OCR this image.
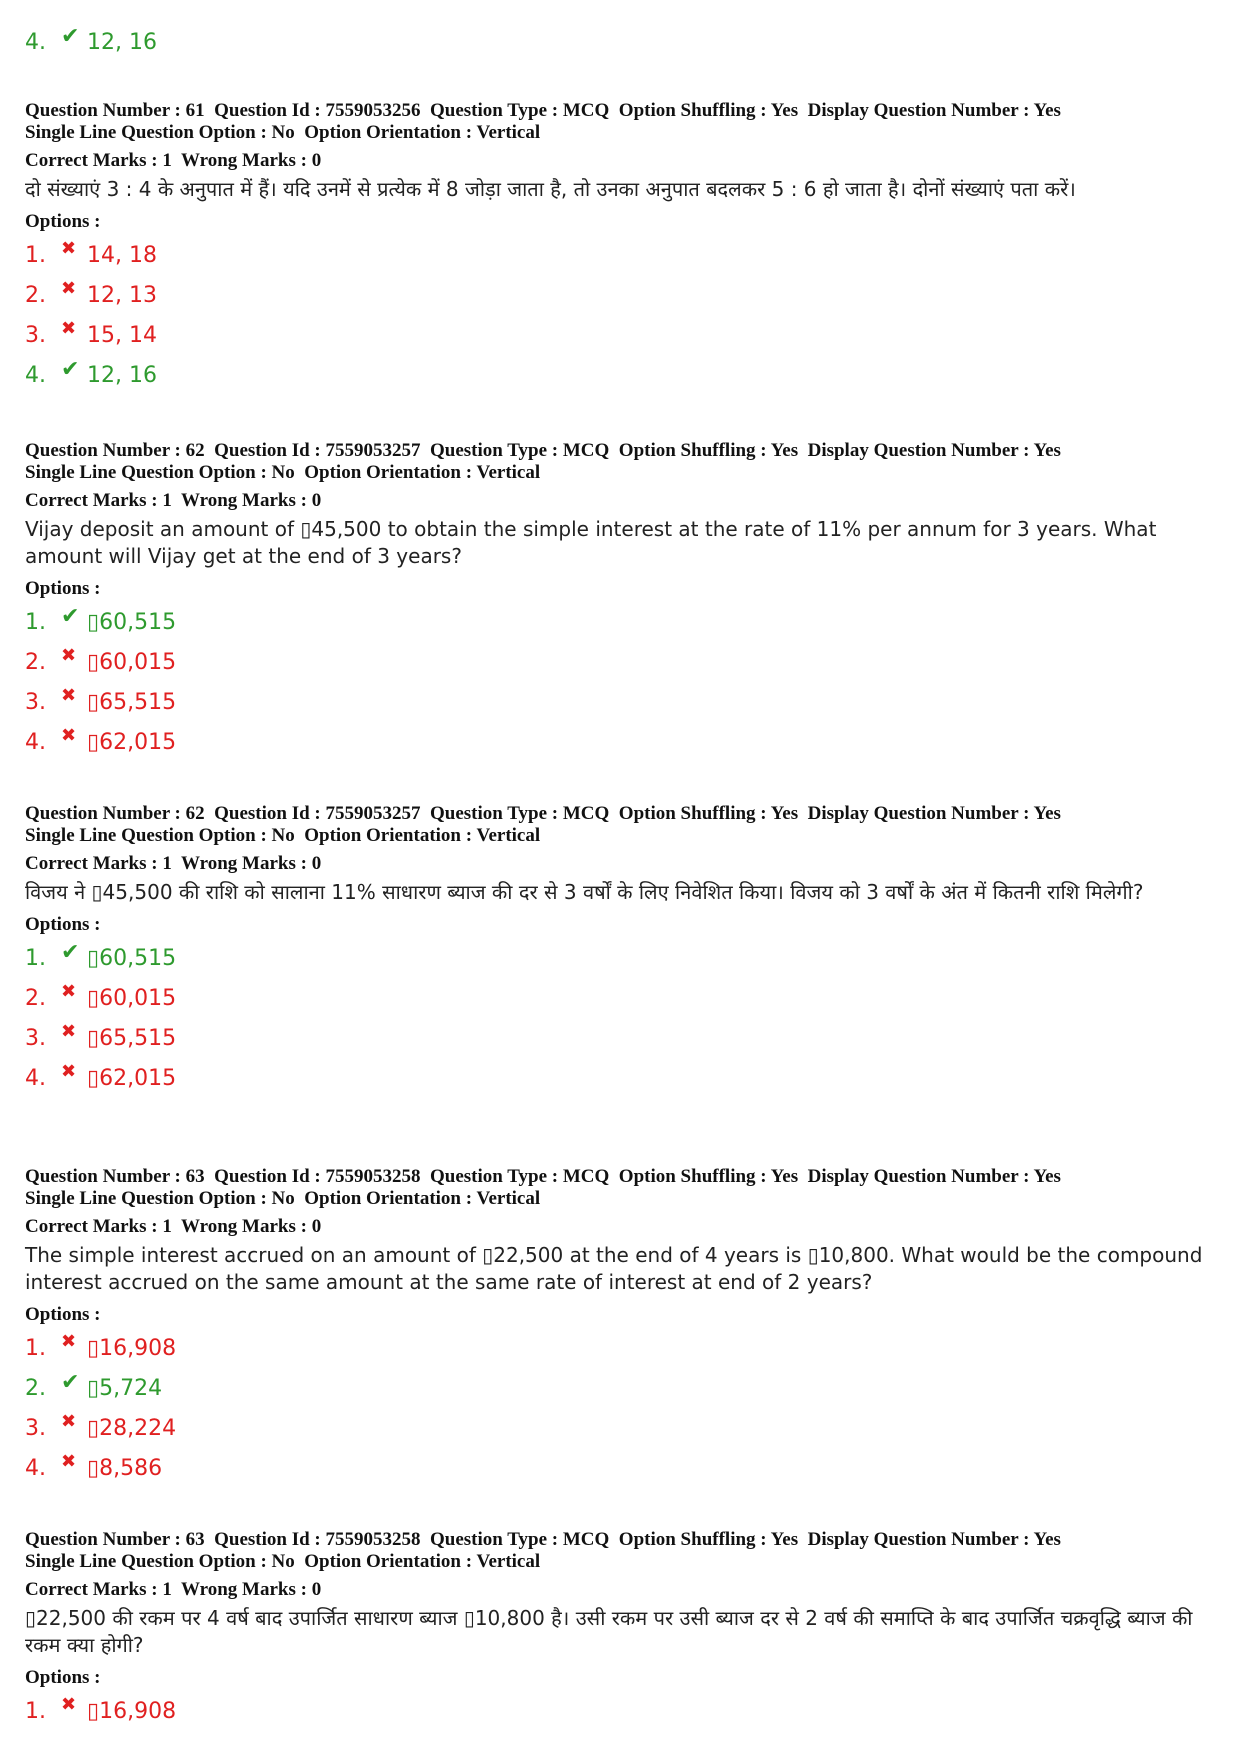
4. ✔ 12, 16
Question Number : 61  Question Id : 7559053256  Question Type : MCQ  Option Shuffling : Yes  Display Question Number : Yes
Single Line Question Option : No  Option Orientation : Vertical
Correct Marks : 1  Wrong Marks : 0
दो संख्याएं 3 : 4 के अनुपात में हैं। यदि उनमें से प्रत्येक में 8 जोड़ा जाता है, तो उनका अनुपात बदलकर 5 : 6 हो जाता है। दोनों संख्याएं पता करें।
Options :
1. ✖ 14, 18
2. ✖ 12, 13
3. ✖ 15, 14
4. ✔ 12, 16
Question Number : 62  Question Id : 7559053257  Question Type : MCQ  Option Shuffling : Yes  Display Question Number : Yes
Single Line Question Option : No  Option Orientation : Vertical
Correct Marks : 1  Wrong Marks : 0
Vijay deposit an amount of ▯45,500 to obtain the simple interest at the rate of 11% per annum for 3 years. What amount will Vijay get at the end of 3 years?
Options :
1. ✔ ▯60,515
2. ✖ ▯60,015
3. ✖ ▯65,515
4. ✖ ▯62,015
Question Number : 62  Question Id : 7559053257  Question Type : MCQ  Option Shuffling : Yes  Display Question Number : Yes
Single Line Question Option : No  Option Orientation : Vertical
Correct Marks : 1  Wrong Marks : 0
विजय ने ▯45,500 की राशि को सालाना 11% साधारण ब्याज की दर से 3 वर्षों के लिए निवेशित किया। विजय को 3 वर्षों के अंत में कितनी राशि मिलेगी?
Options :
1. ✔ ▯60,515
2. ✖ ▯60,015
3. ✖ ▯65,515
4. ✖ ▯62,015
Question Number : 63  Question Id : 7559053258  Question Type : MCQ  Option Shuffling : Yes  Display Question Number : Yes
Single Line Question Option : No  Option Orientation : Vertical
Correct Marks : 1  Wrong Marks : 0
The simple interest accrued on an amount of ▯22,500 at the end of 4 years is ▯10,800. What would be the compound interest accrued on the same amount at the same rate of interest at end of 2 years?
Options :
1. ✖ ▯16,908
2. ✔ ▯5,724
3. ✖ ▯28,224
4. ✖ ▯8,586
Question Number : 63  Question Id : 7559053258  Question Type : MCQ  Option Shuffling : Yes  Display Question Number : Yes
Single Line Question Option : No  Option Orientation : Vertical
Correct Marks : 1  Wrong Marks : 0
▯22,500 की रकम पर 4 वर्ष बाद उपार्जित साधारण ब्याज ▯10,800 है। उसी रकम पर उसी ब्याज दर से 2 वर्ष की समाप्ति के बाद उपार्जित चक्रवृद्धि ब्याज की रकम क्या होगी?
Options :
1. ✖ ▯16,908
